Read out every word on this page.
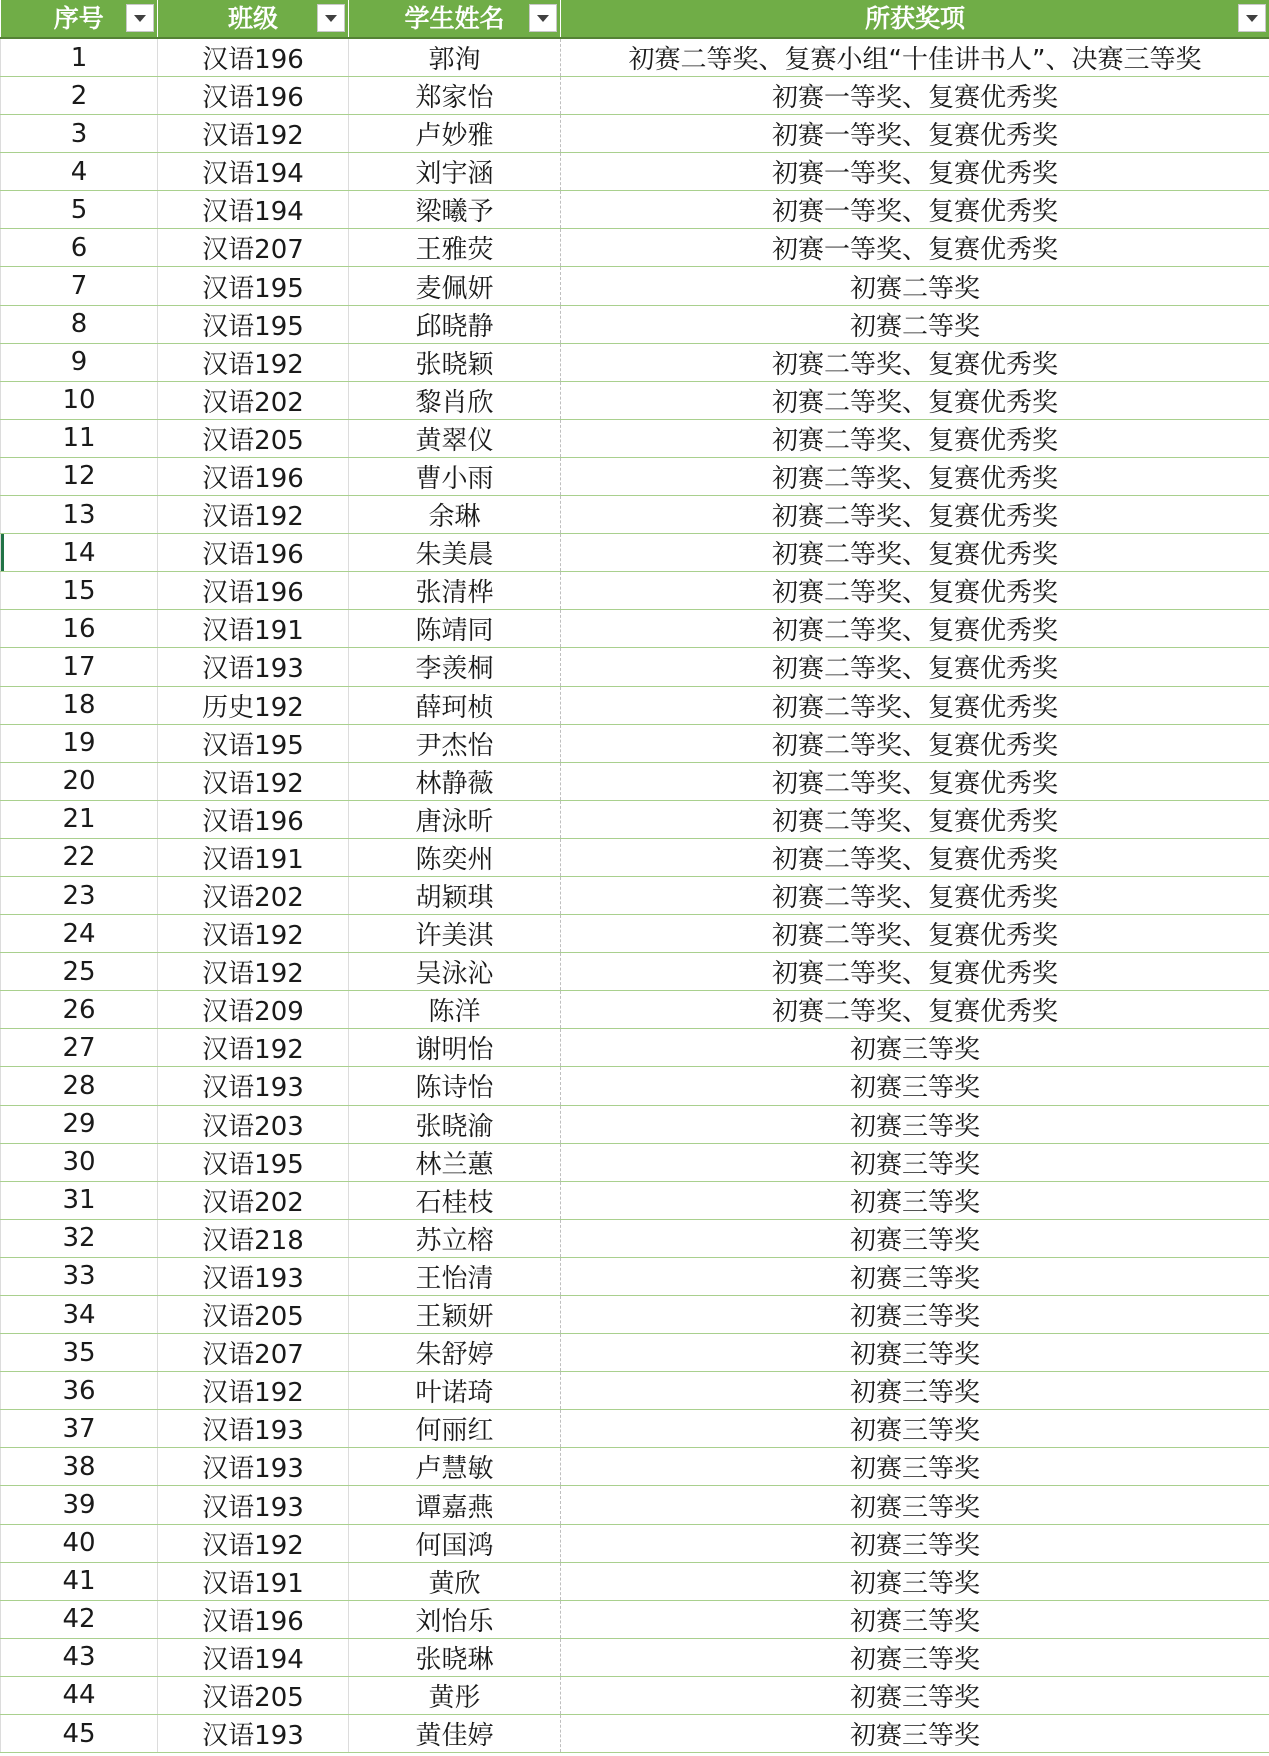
序号	班级	学生姓名	所获奖项

1	汉语196	郭洵	初赛二等奖、复赛小组“十佳讲书人”、决赛三等奖
2	汉语196	郑家怡	初赛一等奖、复赛优秀奖
3	汉语192	卢妙雅	初赛一等奖、复赛优秀奖
4	汉语194	刘宇涵	初赛一等奖、复赛优秀奖
5	汉语194	梁曦予	初赛一等奖、复赛优秀奖
6	汉语207	王雅荧	初赛一等奖、复赛优秀奖
7	汉语195	麦佩妍	初赛二等奖
8	汉语195	邱晓静	初赛二等奖
9	汉语192	张晓颖	初赛二等奖、复赛优秀奖
10	汉语202	黎肖欣	初赛二等奖、复赛优秀奖
11	汉语205	黄翠仪	初赛二等奖、复赛优秀奖
12	汉语196	曹小雨	初赛二等奖、复赛优秀奖
13	汉语192	余琳	初赛二等奖、复赛优秀奖
14	汉语196	朱美晨	初赛二等奖、复赛优秀奖
15	汉语196	张清桦	初赛二等奖、复赛优秀奖
16	汉语191	陈靖同	初赛二等奖、复赛优秀奖
17	汉语193	李羡桐	初赛二等奖、复赛优秀奖
18	历史192	薛珂桢	初赛二等奖、复赛优秀奖
19	汉语195	尹杰怡	初赛二等奖、复赛优秀奖
20	汉语192	林静薇	初赛二等奖、复赛优秀奖
21	汉语196	唐泳昕	初赛二等奖、复赛优秀奖
22	汉语191	陈奕州	初赛二等奖、复赛优秀奖
23	汉语202	胡颖琪	初赛二等奖、复赛优秀奖
24	汉语192	许美淇	初赛二等奖、复赛优秀奖
25	汉语192	吴泳沁	初赛二等奖、复赛优秀奖
26	汉语209	陈洋	初赛二等奖、复赛优秀奖
27	汉语192	谢明怡	初赛三等奖
28	汉语193	陈诗怡	初赛三等奖
29	汉语203	张晓渝	初赛三等奖
30	汉语195	林兰蕙	初赛三等奖
31	汉语202	石桂枝	初赛三等奖
32	汉语218	苏立榕	初赛三等奖
33	汉语193	王怡清	初赛三等奖
34	汉语205	王颖妍	初赛三等奖
35	汉语207	朱舒婷	初赛三等奖
36	汉语192	叶诺琦	初赛三等奖
37	汉语193	何丽红	初赛三等奖
38	汉语193	卢慧敏	初赛三等奖
39	汉语193	谭嘉燕	初赛三等奖
40	汉语192	何国鸿	初赛三等奖
41	汉语191	黄欣	初赛三等奖
42	汉语196	刘怡乐	初赛三等奖
43	汉语194	张晓琳	初赛三等奖
44	汉语205	黄彤	初赛三等奖
45	汉语193	黄佳婷	初赛三等奖
